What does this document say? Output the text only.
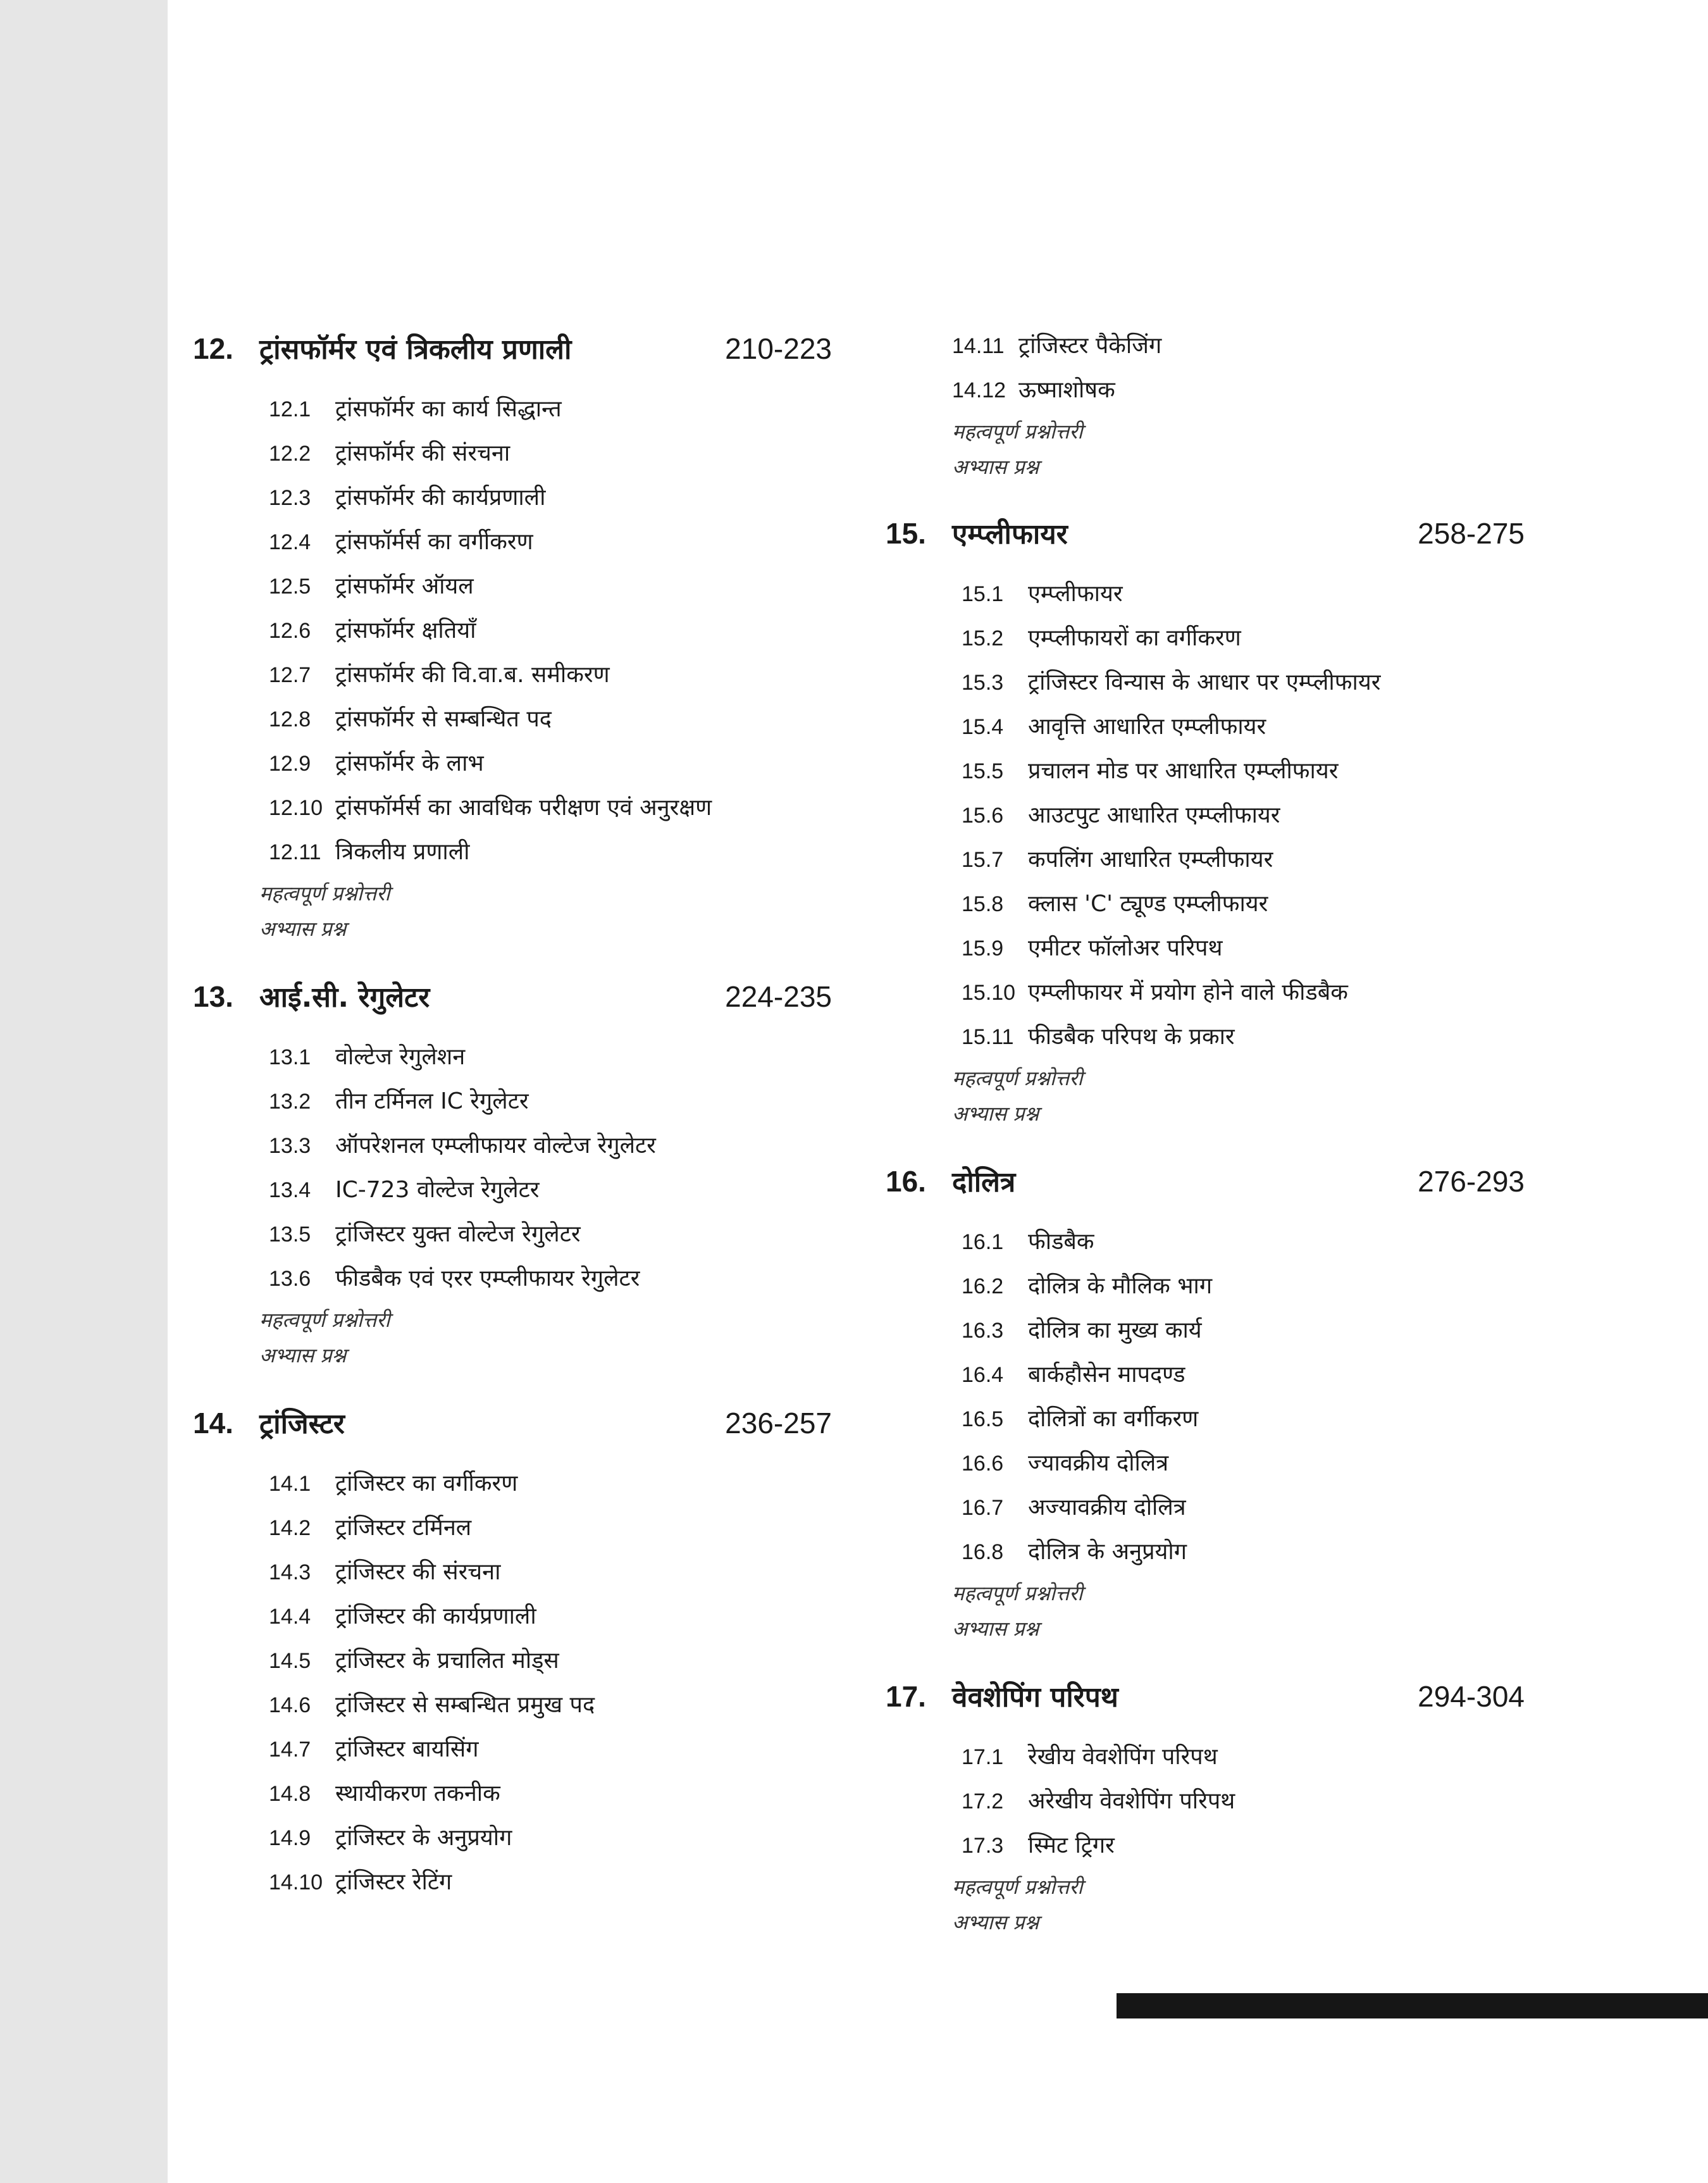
12. ट्रांसफॉर्मर एवं त्रिकलीय प्रणाली	210-223
12.1	ट्रांसफॉर्मर का कार्य सिद्धान्त
12.2	ट्रांसफॉर्मर की संरचना
12.3	ट्रांसफॉर्मर की कार्यप्रणाली
12.4	ट्रांसफॉर्मर्स का वर्गीकरण
12.5	ट्रांसफॉर्मर ऑयल
12.6	ट्रांसफॉर्मर क्षतियाँ
12.7	ट्रांसफॉर्मर की वि.वा.ब. समीकरण
12.8	ट्रांसफॉर्मर से सम्बन्धित पद
12.9	ट्रांसफॉर्मर के लाभ
12.10 ट्रांसफॉर्मर्स का आवधिक परीक्षण एवं अनुरक्षण
12.11 त्रिकलीय प्रणाली
महत्वपूर्ण प्रश्नोत्तरी
अभ्यास प्रश्न
13. आई.सी. रेगुलेटर	224-235
13.1	वोल्टेज रेगुलेशन
13.2	तीन टर्मिनल IC रेगुलेटर
13.3	ऑपरेशनल एम्प्लीफायर वोल्टेज रेगुलेटर
13.4	IC-723 वोल्टेज रेगुलेटर
13.5	ट्रांजिस्टर युक्त वोल्टेज रेगुलेटर
13.6	फीडबैक एवं एरर एम्प्लीफायर रेगुलेटर
महत्वपूर्ण प्रश्नोत्तरी
अभ्यास प्रश्न
14. ट्रांजिस्टर	236-257
14.1	ट्रांजिस्टर का वर्गीकरण
14.2	ट्रांजिस्टर टर्मिनल
14.3	ट्रांजिस्टर की संरचना
14.4	ट्रांजिस्टर की कार्यप्रणाली
14.5	ट्रांजिस्टर के प्रचालित मोड्स
14.6	ट्रांजिस्टर से सम्बन्धित प्रमुख पद
14.7	ट्रांजिस्टर बायसिंग
14.8	स्थायीकरण तकनीक
14.9	ट्रांजिस्टर के अनुप्रयोग
14.10 ट्रांजिस्टर रेटिंग
14.11 ट्रांजिस्टर पैकेजिंग
14.12 ऊष्माशोषक
महत्वपूर्ण प्रश्नोत्तरी
अभ्यास प्रश्न
15. एम्प्लीफायर	258-275
15.1	एम्प्लीफायर
15.2	एम्प्लीफायरों का वर्गीकरण
15.3	ट्रांजिस्टर विन्यास के आधार पर एम्प्लीफायर
15.4	आवृत्ति आधारित एम्प्लीफायर
15.5	प्रचालन मोड पर आधारित एम्प्लीफायर
15.6	आउटपुट आधारित एम्प्लीफायर
15.7	कपलिंग आधारित एम्प्लीफायर
15.8	क्लास 'C' ट्यूण्ड एम्प्लीफायर
15.9	एमीटर फॉलोअर परिपथ
15.10 एम्प्लीफायर में प्रयोग होने वाले फीडबैक
15.11 फीडबैक परिपथ के प्रकार
महत्वपूर्ण प्रश्नोत्तरी
अभ्यास प्रश्न
16. दोलित्र	276-293
16.1	फीडबैक
16.2	दोलित्र के मौलिक भाग
16.3	दोलित्र का मुख्य कार्य
16.4	बार्कहौसेन मापदण्ड
16.5	दोलित्रों का वर्गीकरण
16.6	ज्यावक्रीय दोलित्र
16.7	अज्यावक्रीय दोलित्र
16.8	दोलित्र के अनुप्रयोग
महत्वपूर्ण प्रश्नोत्तरी
अभ्यास प्रश्न
17. वेवशेपिंग परिपथ	294-304
17.1	रेखीय वेवशेपिंग परिपथ
17.2	अरेखीय वेवशेपिंग परिपथ
17.3	स्मिट ट्रिगर
महत्वपूर्ण प्रश्नोत्तरी
अभ्यास प्रश्न
